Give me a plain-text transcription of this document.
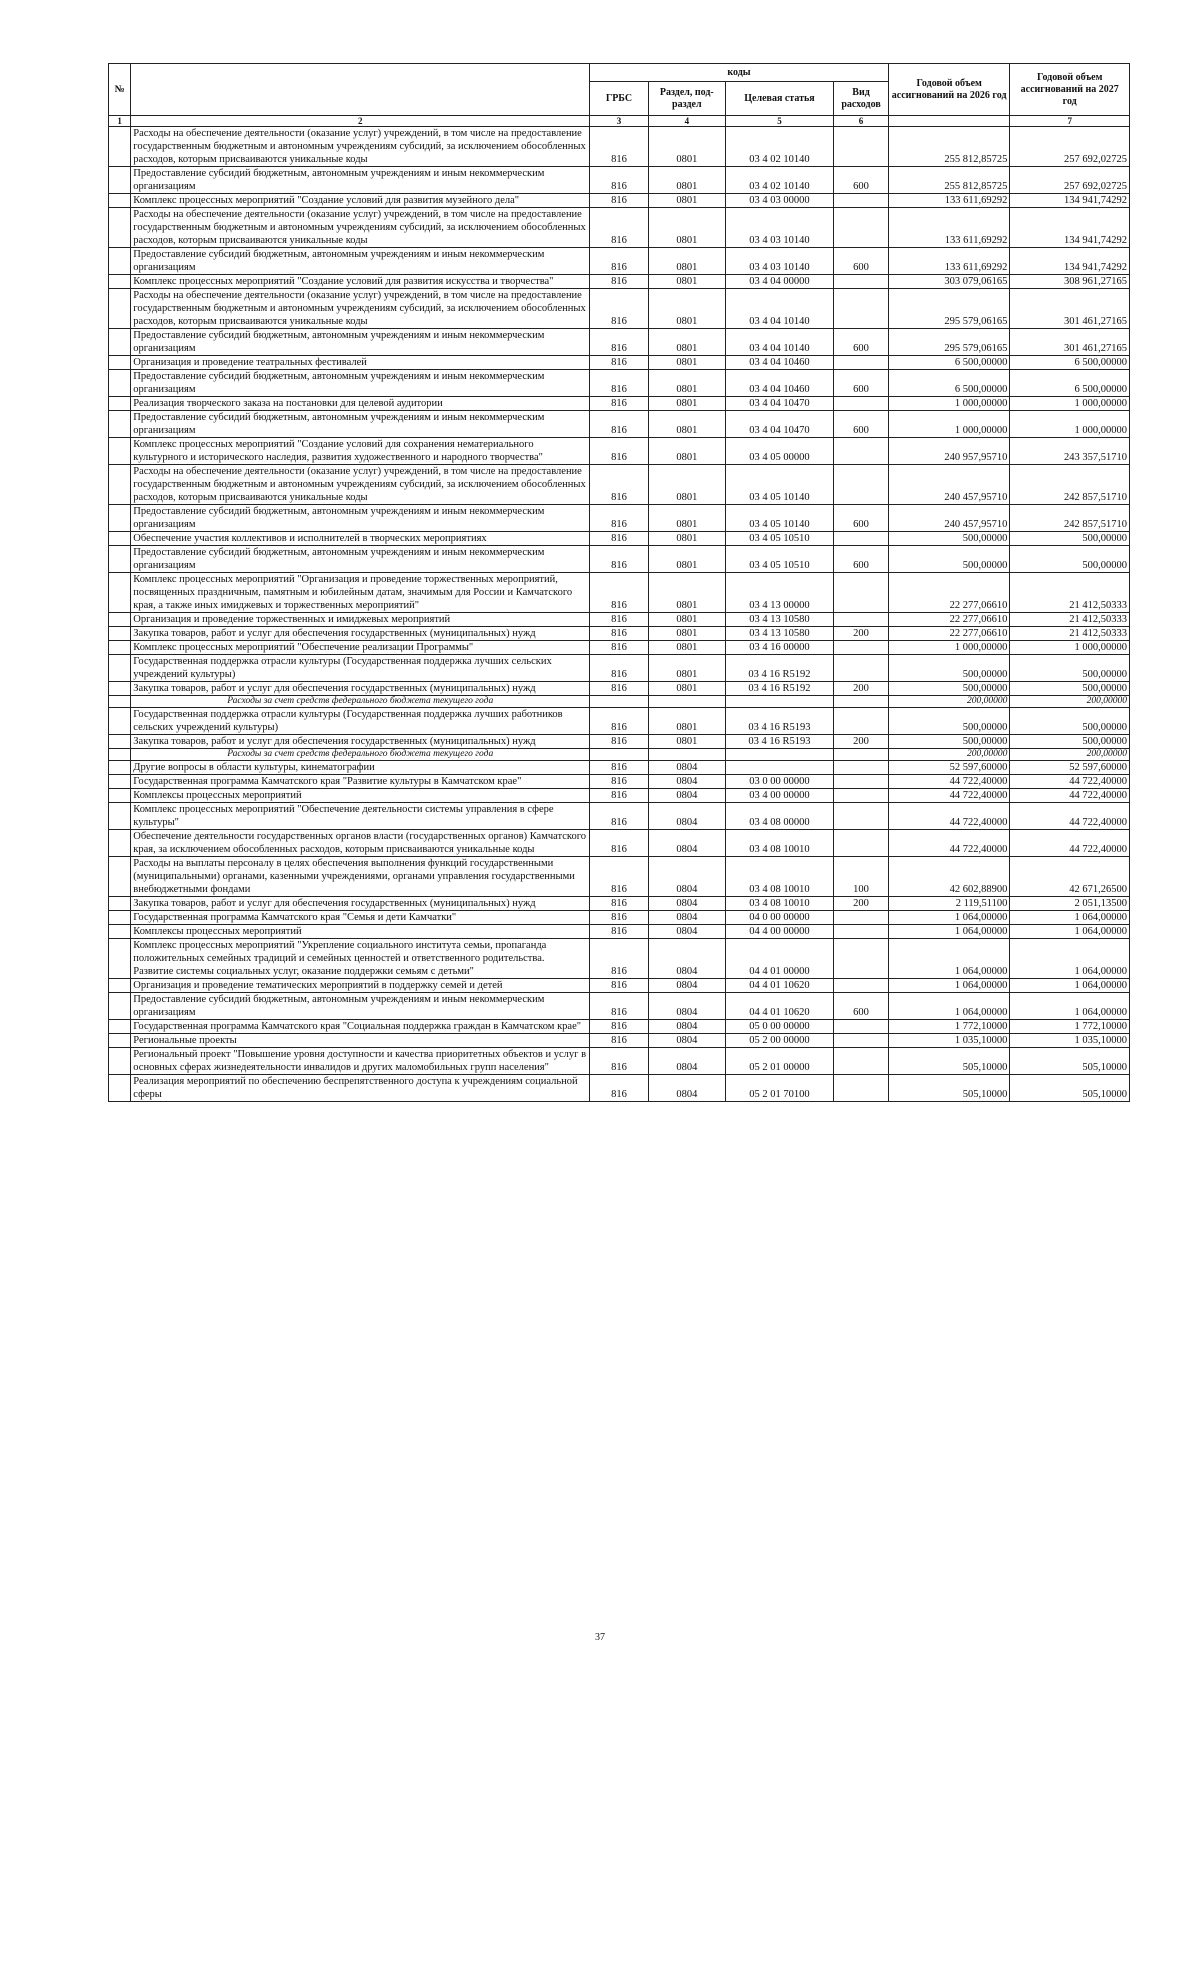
№		коды				Годовой объем ассигнований на 2026 год	Годовой объем ассигнований на 2027 год
		ГРБС	Раздел, под-раздел	Целевая статья	Вид расходов		
1	2	3	4	5	6		7
	Расходы на обеспечение деятельности (оказание услуг) учреждений, в том числе на предоставление государственным бюджетным и автономным учреждениям субсидий, за исключением обособленных расходов, которым присваиваются уникальные коды	816	0801	03 4 02 10140		255 812,85725	257 692,02725
	Предоставление субсидий бюджетным, автономным учреждениям и иным некоммерческим организациям	816	0801	03 4 02 10140	600	255 812,85725	257 692,02725
	Комплекс процессных мероприятий "Создание условий для развития музейного дела"	816	0801	03 4 03 00000		133 611,69292	134 941,74292
	Расходы на обеспечение деятельности (оказание услуг) учреждений, в том числе на предоставление государственным бюджетным и автономным учреждениям субсидий, за исключением обособленных расходов, которым присваиваются уникальные коды	816	0801	03 4 03 10140		133 611,69292	134 941,74292
	Предоставление субсидий бюджетным, автономным учреждениям и иным некоммерческим организациям	816	0801	03 4 03 10140	600	133 611,69292	134 941,74292
	Комплекс процессных мероприятий "Создание условий для развития искусства и творчества"	816	0801	03 4 04 00000		303 079,06165	308 961,27165
	Расходы на обеспечение деятельности (оказание услуг) учреждений, в том числе на предоставление государственным бюджетным и автономным учреждениям субсидий, за исключением обособленных расходов, которым присваиваются уникальные коды	816	0801	03 4 04 10140		295 579,06165	301 461,27165
	Предоставление субсидий бюджетным, автономным учреждениям и иным некоммерческим организациям	816	0801	03 4 04 10140	600	295 579,06165	301 461,27165
	Организация и проведение театральных фестивалей	816	0801	03 4 04 10460		6 500,00000	6 500,00000
	Предоставление субсидий бюджетным, автономным учреждениям и иным некоммерческим организациям	816	0801	03 4 04 10460	600	6 500,00000	6 500,00000
	Реализация творческого заказа на постановки для целевой аудитории	816	0801	03 4 04 10470		1 000,00000	1 000,00000
	Предоставление субсидий бюджетным, автономным учреждениям и иным некоммерческим организациям	816	0801	03 4 04 10470	600	1 000,00000	1 000,00000
	Комплекс процессных мероприятий "Создание условий для сохранения нематериального культурного и исторического наследия, развития художественного и народного творчества"	816	0801	03 4 05 00000		240 957,95710	243 357,51710
	Расходы на обеспечение деятельности (оказание услуг) учреждений, в том числе на предоставление государственным бюджетным и автономным учреждениям субсидий, за исключением обособленных расходов, которым присваиваются уникальные коды	816	0801	03 4 05 10140		240 457,95710	242 857,51710
	Предоставление субсидий бюджетным, автономным учреждениям и иным некоммерческим организациям	816	0801	03 4 05 10140	600	240 457,95710	242 857,51710
	Обеспечение участия коллективов и исполнителей в творческих мероприятиях	816	0801	03 4 05 10510		500,00000	500,00000
	Предоставление субсидий бюджетным, автономным учреждениям и иным некоммерческим организациям	816	0801	03 4 05 10510	600	500,00000	500,00000
	Комплекс процессных мероприятий "Организация и проведение торжественных мероприятий, посвященных праздничным, памятным и юбилейным датам, значимым для России и Камчатского края, а также иных имиджевых и торжественных мероприятий"	816	0801	03 4 13 00000		22 277,06610	21 412,50333
	Организация и проведение торжественных и имиджевых мероприятий	816	0801	03 4 13 10580		22 277,06610	21 412,50333
	Закупка товаров, работ и услуг для обеспечения государственных (муниципальных) нужд	816	0801	03 4 13 10580	200	22 277,06610	21 412,50333
	Комплекс процессных мероприятий "Обеспечение реализации Программы"	816	0801	03 4 16 00000		1 000,00000	1 000,00000
	Государственная поддержка отрасли культуры (Государственная поддержка лучших сельских учреждений культуры)	816	0801	03 4 16 R5192		500,00000	500,00000
	Закупка товаров, работ и услуг для обеспечения государственных (муниципальных) нужд	816	0801	03 4 16 R5192	200	500,00000	500,00000
	Расходы за счет средств федерального бюджета текущего года					200,00000	200,00000
	Государственная поддержка отрасли культуры (Государственная поддержка лучших работников сельских учреждений культуры)	816	0801	03 4 16 R5193		500,00000	500,00000
	Закупка товаров, работ и услуг для обеспечения государственных (муниципальных) нужд	816	0801	03 4 16 R5193	200	500,00000	500,00000
	Расходы за счет средств федерального бюджета текущего года					200,00000	200,00000
	Другие вопросы в области культуры, кинематографии	816	0804			52 597,60000	52 597,60000
	Государственная программа Камчатского края "Развитие культуры в Камчатском крае"	816	0804	03 0 00 00000		44 722,40000	44 722,40000
	Комплексы процессных мероприятий	816	0804	03 4 00 00000		44 722,40000	44 722,40000
	Комплекс процессных мероприятий "Обеспечение деятельности системы управления в сфере культуры"	816	0804	03 4 08 00000		44 722,40000	44 722,40000
	Обеспечение деятельности государственных органов власти (государственных органов) Камчатского края, за исключением обособленных расходов, которым присваиваются уникальные коды	816	0804	03 4 08 10010		44 722,40000	44 722,40000
	Расходы на выплаты персоналу в целях обеспечения выполнения функций государственными (муниципальными) органами, казенными учреждениями, органами управления государственными внебюджетными фондами	816	0804	03 4 08 10010	100	42 602,88900	42 671,26500
	Закупка товаров, работ и услуг для обеспечения государственных (муниципальных) нужд	816	0804	03 4 08 10010	200	2 119,51100	2 051,13500
	Государственная программа Камчатского края "Семья и дети Камчатки"	816	0804	04 0 00 00000		1 064,00000	1 064,00000
	Комплексы процессных мероприятий	816	0804	04 4 00 00000		1 064,00000	1 064,00000
	Комплекс процессных мероприятий "Укрепление социального института семьи, пропаганда положительных семейных традиций и семейных ценностей и ответственного родительства. Развитие системы социальных услуг, оказание поддержки семьям с детьми"	816	0804	04 4 01 00000		1 064,00000	1 064,00000
	Организация и проведение тематических мероприятий в поддержку семей и детей	816	0804	04 4 01 10620		1 064,00000	1 064,00000
	Предоставление субсидий бюджетным, автономным учреждениям и иным некоммерческим организациям	816	0804	04 4 01 10620	600	1 064,00000	1 064,00000
	Государственная программа Камчатского края "Социальная поддержка граждан в Камчатском крае"	816	0804	05 0 00 00000		1 772,10000	1 772,10000
	Региональные проекты	816	0804	05 2 00 00000		1 035,10000	1 035,10000
	Региональный проект "Повышение уровня доступности и качества приоритетных объектов и услуг в основных сферах жизнедеятельности инвалидов и других маломобильных групп населения"	816	0804	05 2 01 00000		505,10000	505,10000
	Реализация мероприятий по обеспечению беспрепятственного доступа к учреждениям социальной сферы	816	0804	05 2 01 70100		505,10000	505,10000
37
